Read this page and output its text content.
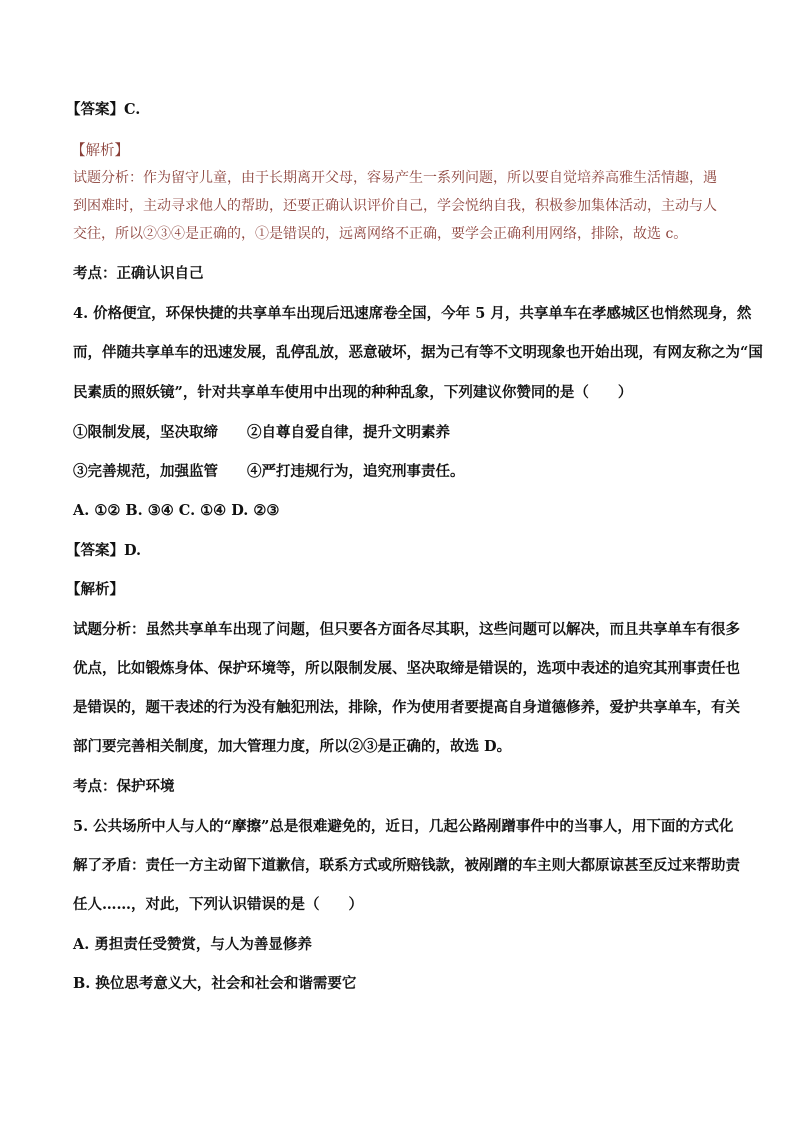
【答案】C.
【解析】
试题分析：作为留守儿童，由于长期离开父母，容易产生一系列问题，所以要自觉培养高雅生活情趣，遇
到困难时，主动寻求他人的帮助，还要正确认识评价自己，学会悦纳自我，积极参加集体活动，主动与人
交往，所以②③④是正确的，①是错误的，远离网络不正确，要学会正确利用网络，排除，故选 c。
考点：正确认识自己
4. 价格便宜，环保快捷的共享单车出现后迅速席卷全国，今年 5 月，共享单车在孝感城区也悄然现身，然
而，伴随共享单车的迅速发展，乱停乱放，恶意破坏，据为己有等不文明现象也开始出现，有网友称之为“国
民素质的照妖镜”，针对共享单车使用中出现的种种乱象，下列建议你赞同的是（　　）
①限制发展，坚决取缔　　②自尊自爱自律，提升文明素养
③完善规范，加强监管　　④严打违规行为，追究刑事责任。
A. ①② B. ③④ C. ①④ D. ②③
【答案】D.
【解析】
试题分析：虽然共享单车出现了问题，但只要各方面各尽其职，这些问题可以解决，而且共享单车有很多
优点，比如锻炼身体、保护环境等，所以限制发展、坚决取缔是错误的，选项中表述的追究其刑事责任也
是错误的，题干表述的行为没有触犯刑法，排除，作为使用者要提高自身道德修养，爱护共享单车，有关
部门要完善相关制度，加大管理力度，所以②③是正确的，故选 D。
考点：保护环境
5. 公共场所中人与人的“摩擦”总是很难避免的，近日，几起公路剐蹭事件中的当事人，用下面的方式化
解了矛盾：责任一方主动留下道歉信，联系方式或所赔钱款，被剐蹭的车主则大都原谅甚至反过来帮助责
任人……，对此，下列认识错误的是（　　）
A. 勇担责任受赞赏，与人为善显修养
B. 换位思考意义大，社会和社会和谐需要它
